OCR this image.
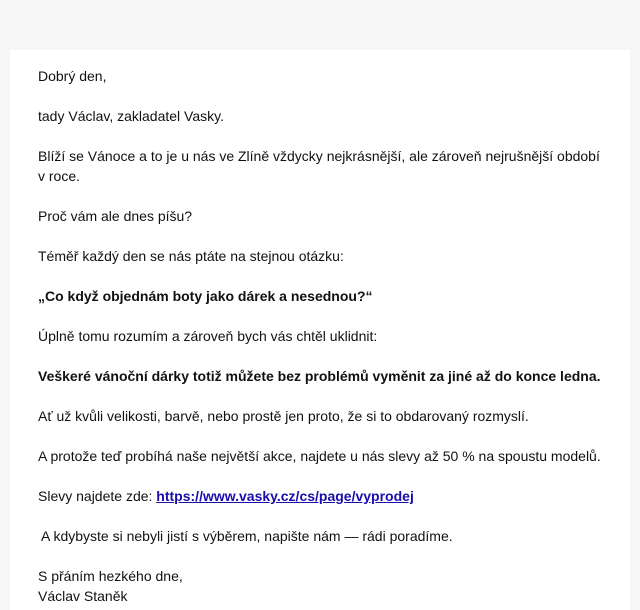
Dobrý den,

tady Václav, zakladatel Vasky.

Blíží se Vánoce a to je u nás ve Zlíně vždycky nejkrásnější, ale zároveň nejrušnější období v roce.

Proč vám ale dnes píšu?

Téměř každý den se nás ptáte na stejnou otázku:

„Co když objednám boty jako dárek a nesednou?“

Úplně tomu rozumím a zároveň bych vás chtěl uklidnit:

Veškeré vánoční dárky totiž můžete bez problémů vyměnit za jiné až do konce ledna.

Ať už kvůli velikosti, barvě, nebo prostě jen proto, že si to obdarovaný rozmyslí.

A protože teď probíhá naše největší akce, najdete u nás slevy až 50 % na spoustu modelů.

Slevy najdete zde: https://www.vasky.cz/cs/page/vyprodej

A kdybyste si nebyli jistí s výběrem, napište nám — rádi poradíme.

S přáním hezkého dne,
Václav Staněk
